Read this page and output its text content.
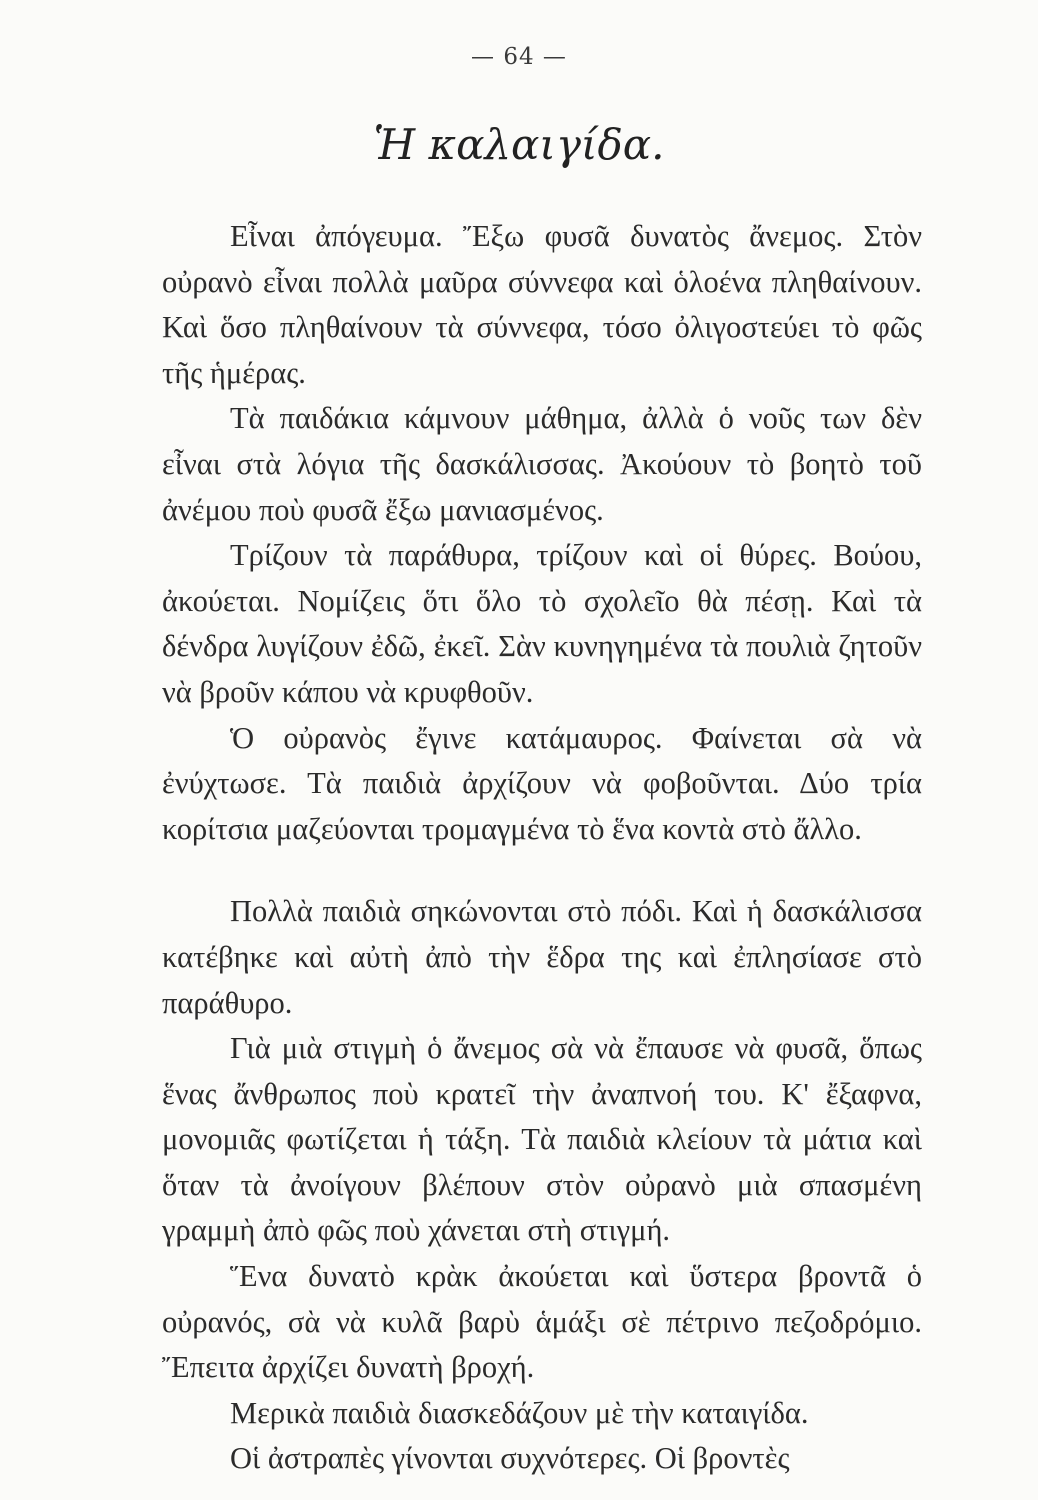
— 64 —
Ἡ καλαιγίδα.

Εἶναι ἀπόγευμα. Ἔξω φυσᾶ δυνατὸς ἄνεμος. Στὸν οὐρανὸ εἶναι πολλὰ μαῦρα σύννεφα καὶ ὁλοένα πληθαίνουν. Καὶ ὅσο πληθαίνουν τὰ σύννεφα, τόσο ὀλιγοστεύει τὸ φῶς τῆς ἡμέρας.

Τὰ παιδάκια κάμνουν μάθημα, ἀλλὰ ὁ νοῦς των δὲν εἶναι στὰ λόγια τῆς δασκάλισσας. Ἀκούουν τὸ βοητὸ τοῦ ἀνέμου ποὺ φυσᾶ ἔξω μανιασμένος.

Τρίζουν τὰ παράθυρα, τρίζουν καὶ οἱ θύρες. Βούου, ἀκούεται. Νομίζεις ὅτι ὅλο τὸ σχολεῖο θὰ πέσῃ. Καὶ τὰ δένδρα λυγίζουν ἐδῶ, ἐκεῖ. Σὰν κυνηγημένα τὰ πουλιὰ ζητοῦν νὰ βροῦν κάπου νὰ κρυφθοῦν.

Ὁ οὐρανὸς ἔγινε κατάμαυρος. Φαίνεται σὰ νὰ ἐνύχτωσε. Τὰ παιδιὰ ἀρχίζουν νὰ φοβοῦνται. Δύο τρία κορίτσια μαζεύονται τρομαγμένα τὸ ἕνα κοντὰ στὸ ἄλλο.

Πολλὰ παιδιὰ σηκώνονται στὸ πόδι. Καὶ ἡ δασκάλισσα κατέβηκε καὶ αὐτὴ ἀπὸ τὴν ἕδρα της καὶ ἐπλησίασε στὸ παράθυρο.

Γιὰ μιὰ στιγμὴ ὁ ἄνεμος σὰ νὰ ἔπαυσε νὰ φυσᾶ, ὅπως ἕνας ἄνθρωπος ποὺ κρατεῖ τὴν ἀναπνοή του. Κ' ἔξαφνα, μονομιᾶς φωτίζεται ἡ τάξη. Τὰ παιδιὰ κλείουν τὰ μάτια καὶ ὅταν τὰ ἀνοίγουν βλέπουν στὸν οὐρανὸ μιὰ σπασμένη γραμμὴ ἀπὸ φῶς ποὺ χάνεται στὴ στιγμή.

Ἕνα δυνατὸ κρὰκ ἀκούεται καὶ ὕστερα βροντᾶ ὁ οὐρανός, σὰ νὰ κυλᾶ βαρὺ ἁμάξι σὲ πέτρινο πεζοδρόμιο. Ἔπειτα ἀρχίζει δυνατὴ βροχή.

Μερικὰ παιδιὰ διασκεδάζουν μὲ τὴν καταιγίδα.

Οἱ ἀστραπὲς γίνονται συχνότερες. Οἱ βροντὲς
